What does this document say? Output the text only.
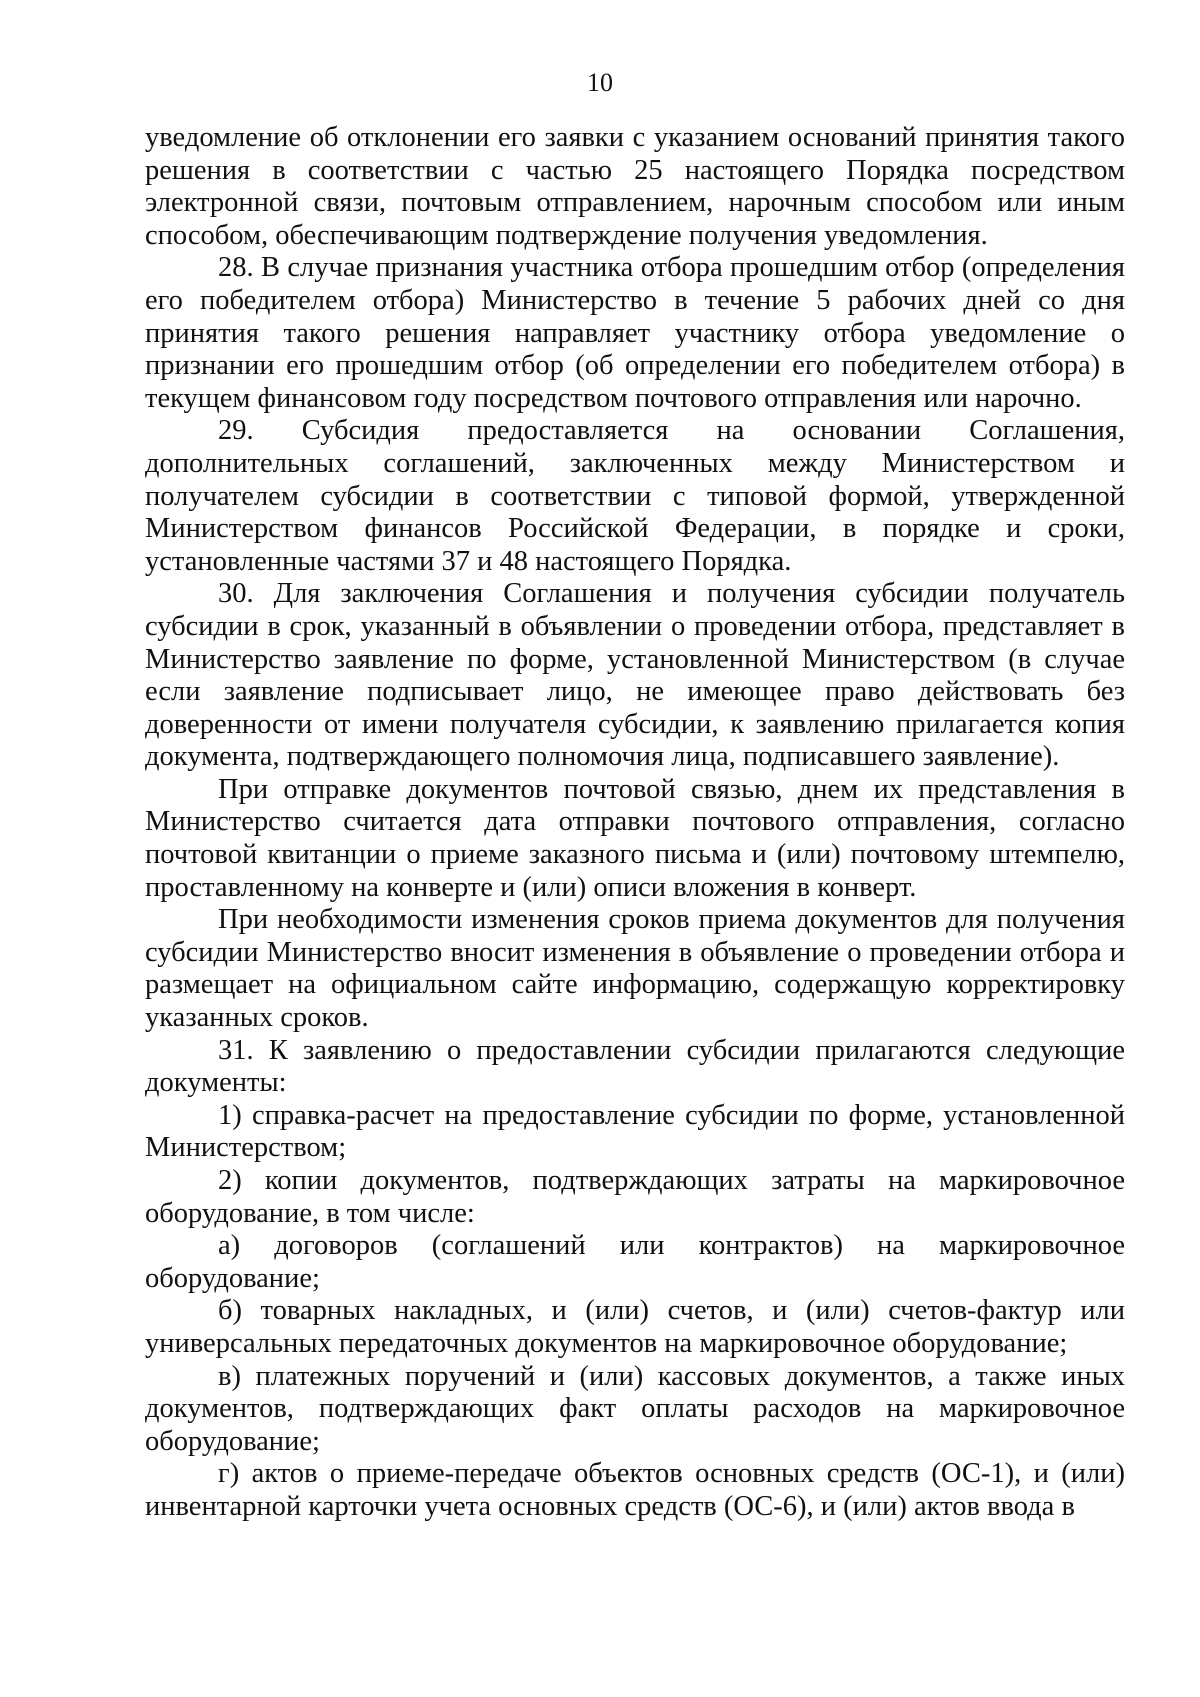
10

уведомление об отклонении его заявки с указанием оснований принятия такого решения в соответствии с частью 25 настоящего Порядка посредством электронной связи, почтовым отправлением, нарочным способом или иным способом, обеспечивающим подтверждение получения уведомления.

28. В случае признания участника отбора прошедшим отбор (определения его победителем отбора) Министерство в течение 5 рабочих дней со дня принятия такого решения направляет участнику отбора уведомление о признании его прошедшим отбор (об определении его победителем отбора) в текущем финансовом году посредством почтового отправления или нарочно.

29. Субсидия предоставляется на основании Соглашения, дополнительных соглашений, заключенных между Министерством и получателем субсидии в соответствии с типовой формой, утвержденной Министерством финансов Российской Федерации, в порядке и сроки, установленные частями 37 и 48 настоящего Порядка.

30. Для заключения Соглашения и получения субсидии получатель субсидии в срок, указанный в объявлении о проведении отбора, представляет в Министерство заявление по форме, установленной Министерством (в случае если заявление подписывает лицо, не имеющее право действовать без доверенности от имени получателя субсидии, к заявлению прилагается копия документа, подтверждающего полномочия лица, подписавшего заявление).

При отправке документов почтовой связью, днем их представления в Министерство считается дата отправки почтового отправления, согласно почтовой квитанции о приеме заказного письма и (или) почтовому штемпелю, проставленному на конверте и (или) описи вложения в конверт.

При необходимости изменения сроков приема документов для получения субсидии Министерство вносит изменения в объявление о проведении отбора и размещает на официальном сайте информацию, содержащую корректировку указанных сроков.

31. К заявлению о предоставлении субсидии прилагаются следующие документы:

1) справка-расчет на предоставление субсидии по форме, установленной Министерством;

2) копии документов, подтверждающих затраты на маркировочное оборудование, в том числе:

а) договоров (соглашений или контрактов) на маркировочное оборудование;

б) товарных накладных, и (или) счетов, и (или) счетов-фактур или универсальных передаточных документов на маркировочное оборудование;

в) платежных поручений и (или) кассовых документов, а также иных документов, подтверждающих факт оплаты расходов на маркировочное оборудование;

г) актов о приеме-передаче объектов основных средств (ОС-1), и (или) инвентарной карточки учета основных средств (ОС-6), и (или) актов ввода в
